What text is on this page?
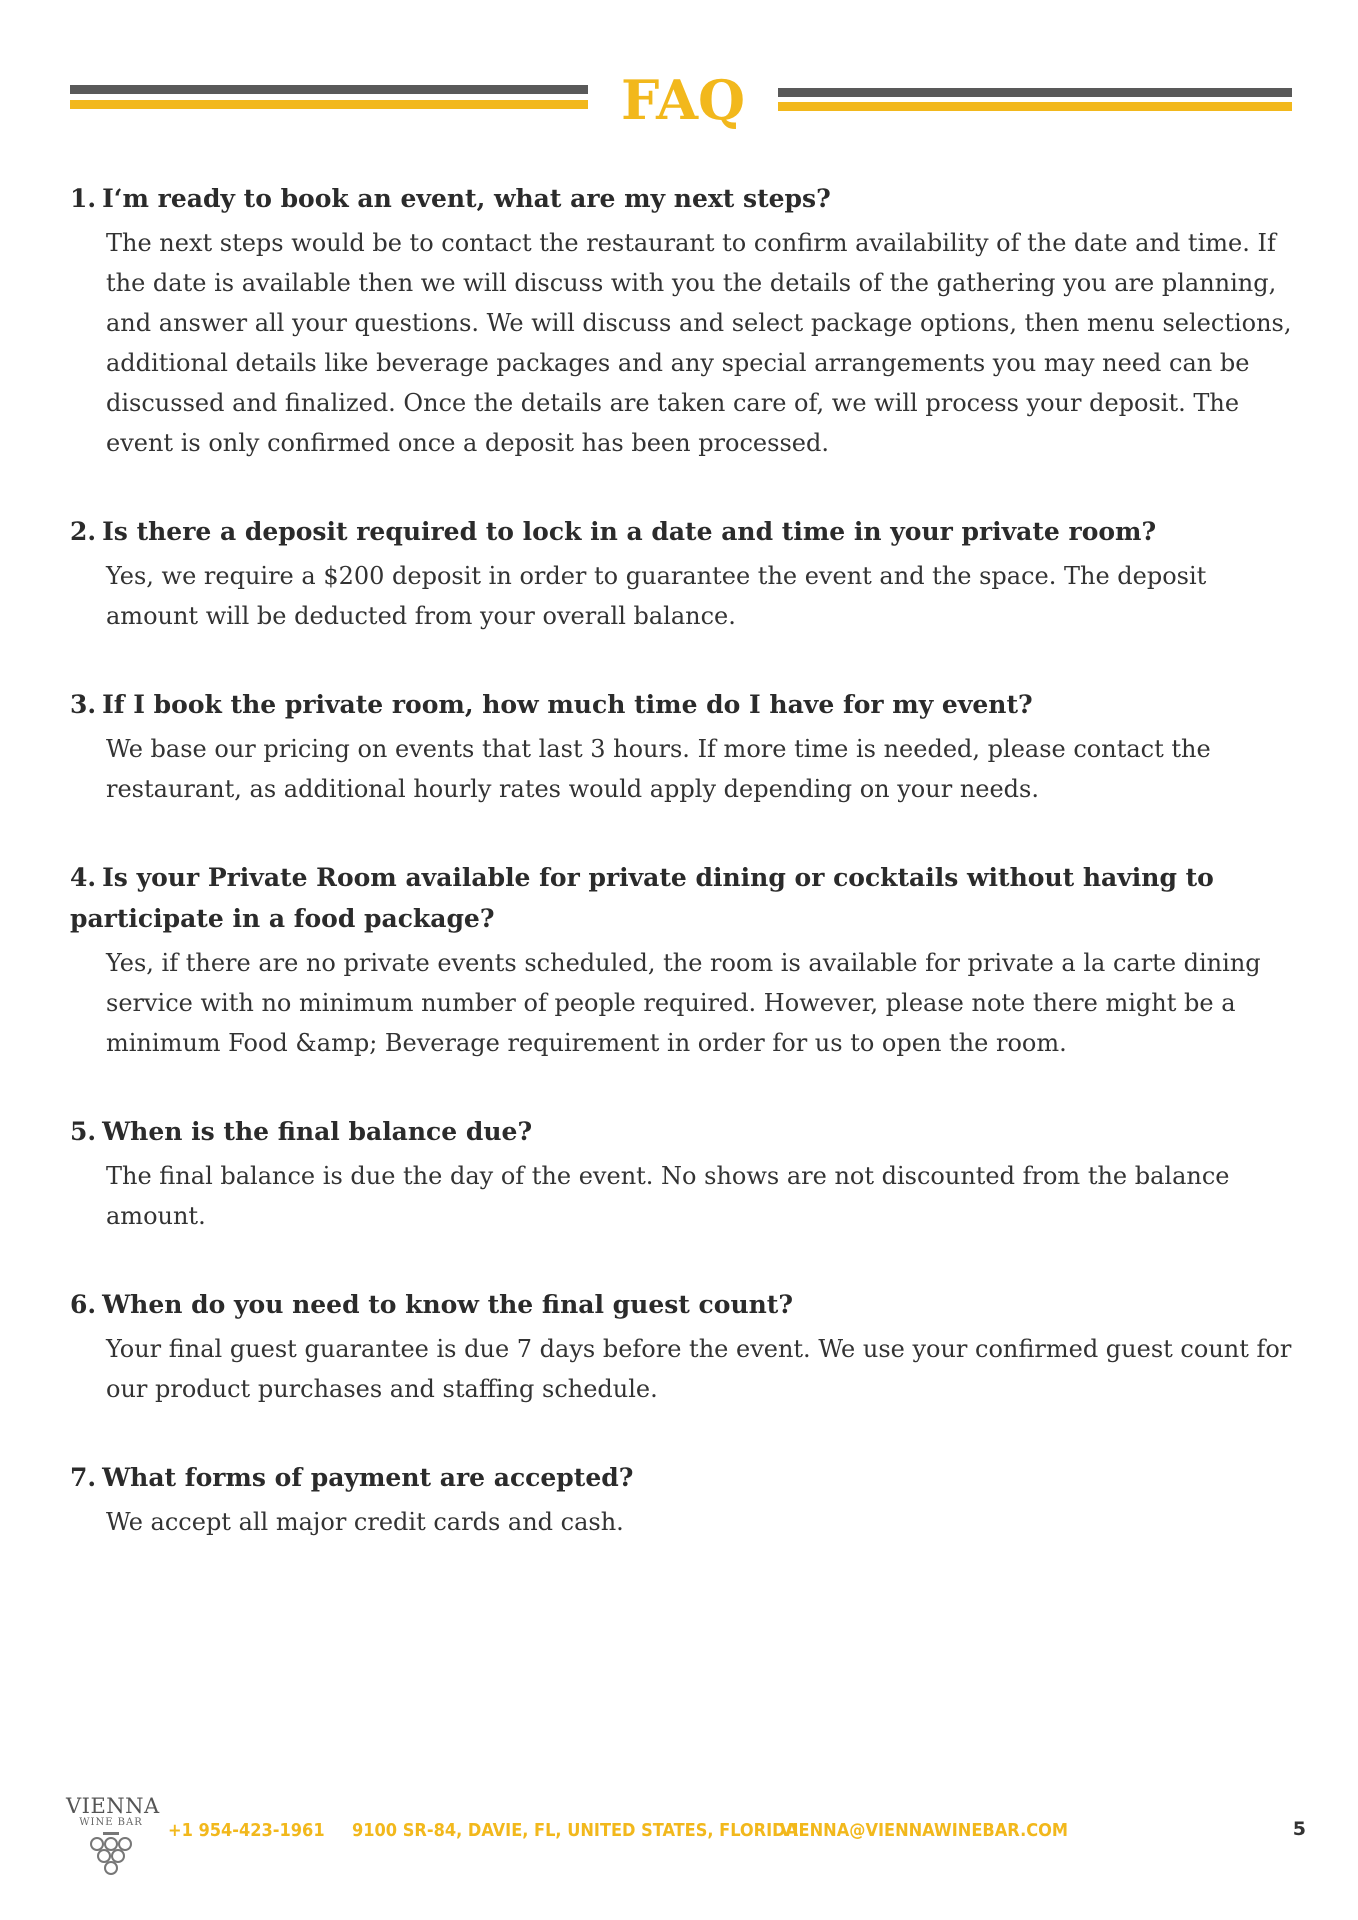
FAQ

1. I‘m ready to book an event, what are my next steps?

The next steps would be to contact the restaurant to confirm availability of the date and time. If the date is available then we will discuss with you the details of the gathering you are planning, and answer all your questions. We will discuss and select package options, then menu selections, additional details like beverage packages and any special arrangements you may need can be discussed and finalized. Once the details are taken care of, we will process your deposit. The event is only confirmed once a deposit has been processed.

2. Is there a deposit required to lock in a date and time in your private room?

Yes, we require a $200 deposit in order to guarantee the event and the space. The deposit amount will be deducted from your overall balance.

3. If I book the private room, how much time do I have for my event?

We base our pricing on events that last 3 hours. If more time is needed, please contact the restaurant, as additional hourly rates would apply depending on your needs.

4. Is your Private Room available for private dining or cocktails without having to participate in a food package?

Yes, if there are no private events scheduled, the room is available for private a la carte dining service with no minimum number of people required. However, please note there might be a minimum Food &amp; Beverage requirement in order for us to open the room.

5. When is the final balance due?

The final balance is due the day of the event. No shows are not discounted from the balance amount.

6. When do you need to know the final guest count?

Your final guest guarantee is due 7 days before the event. We use your confirmed guest count for our product purchases and staffing schedule.

7. What forms of payment are accepted?

We accept all major credit cards and cash.

VIENNA
WINE BAR	+1 954-423-1961 9100 SR-84, DAVIE, FL, UNITED STATES, FLORIDA
VIENNA@VIENNAWINEBAR.COM	5
